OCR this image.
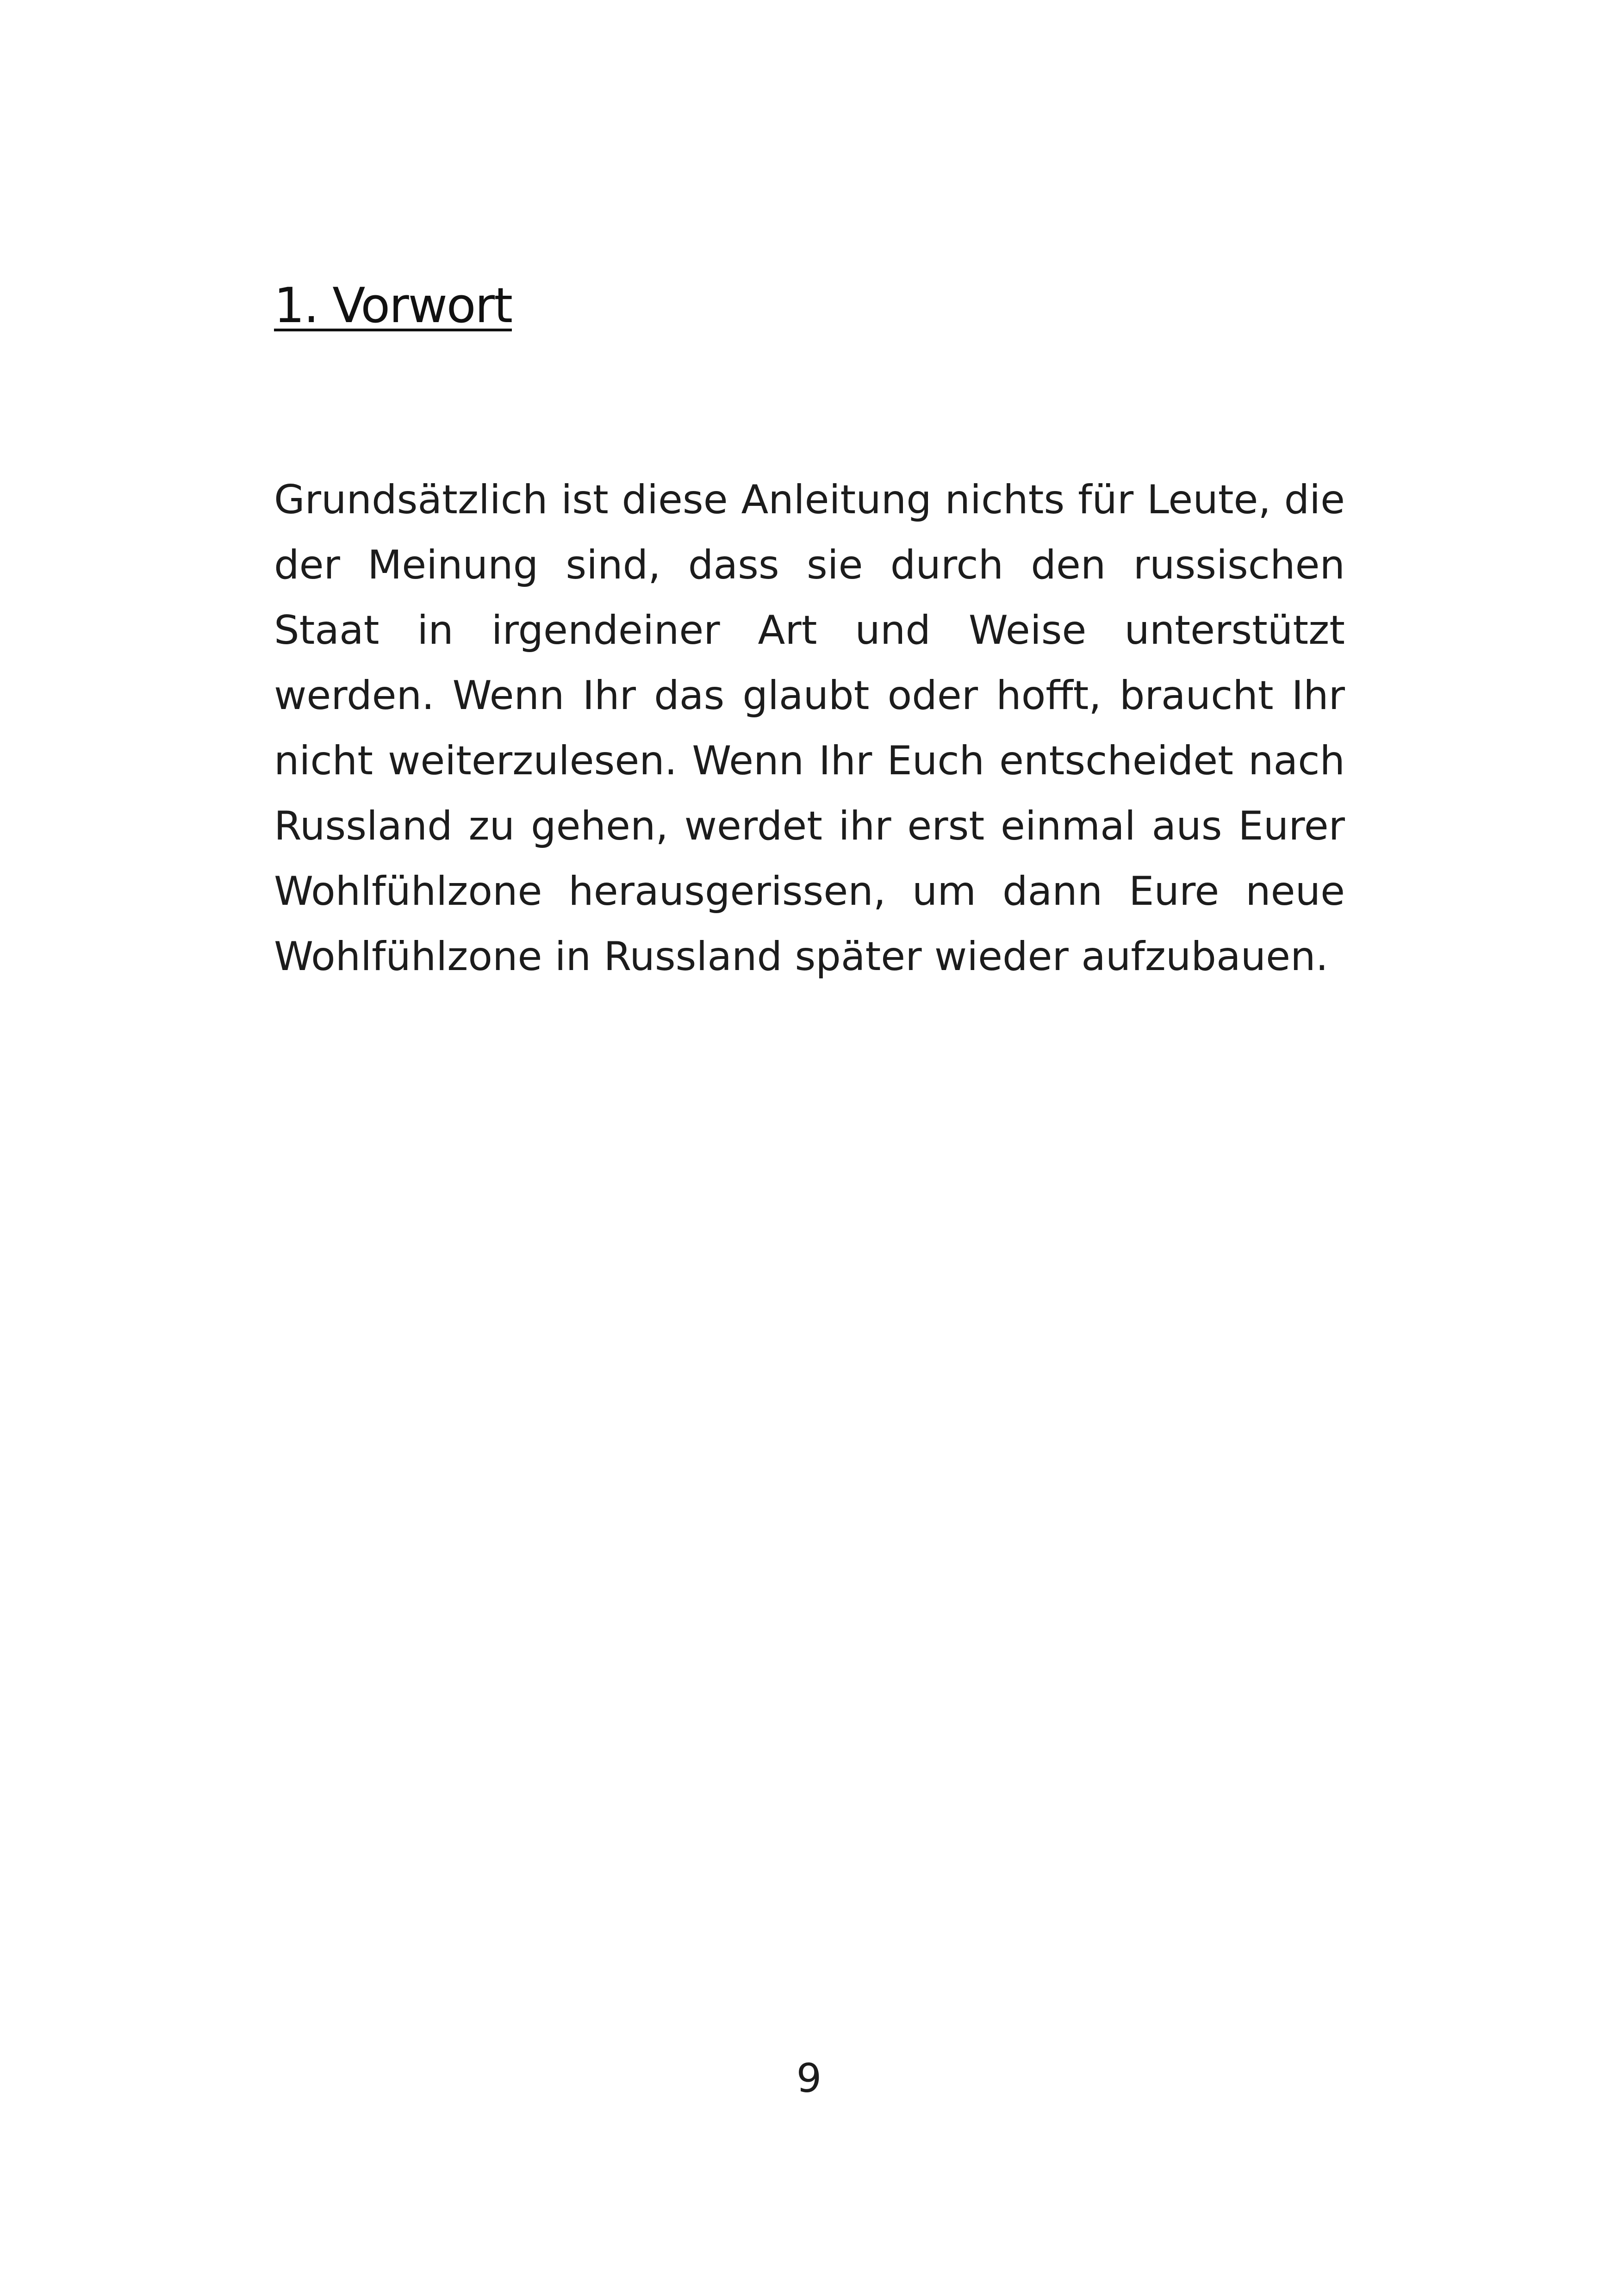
1. Vorwort

Grundsätzlich ist diese Anleitung nichts für Leute, die der Meinung sind, dass sie durch den russischen Staat in irgendeiner Art und Weise unterstützt werden. Wenn Ihr das glaubt oder hofft, braucht Ihr nicht weiterzulesen. Wenn Ihr Euch entscheidet nach Russland zu gehen, werdet ihr erst einmal aus Eurer Wohlfühlzone herausgerissen, um dann Eure neue Wohlfühlzone in Russland später wieder aufzubauen.

9
